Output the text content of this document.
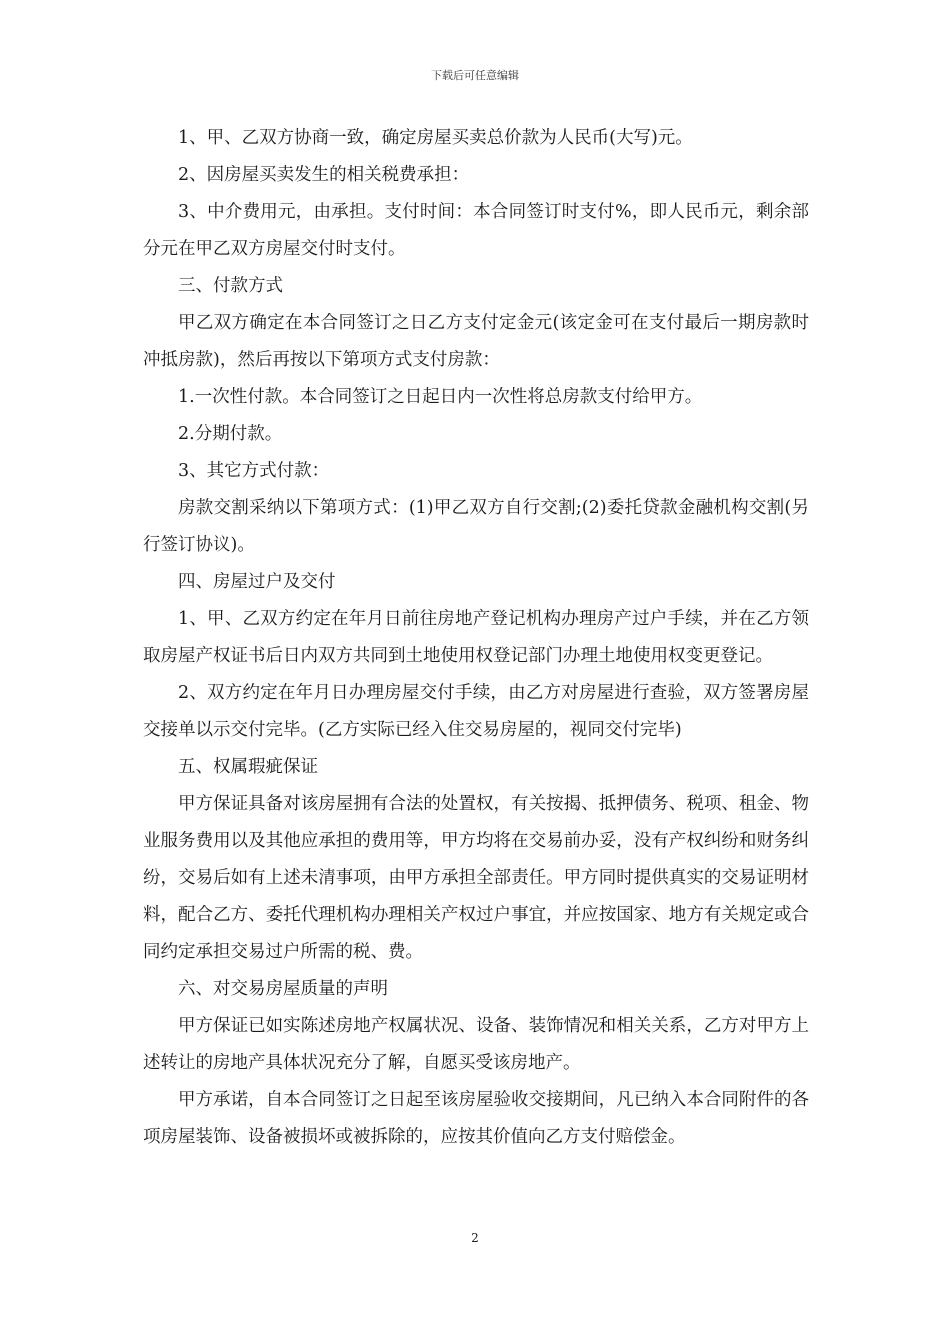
下载后可任意编辑

1、甲、乙双方协商一致，确定房屋买卖总价款为人民币(大写)元。

2、因房屋买卖发生的相关税费承担：

3、中介费用元，由承担。支付时间：本合同签订时支付%，即人民币元，剩余部分元在甲乙双方房屋交付时支付。

三、付款方式

甲乙双方确定在本合同签订之日乙方支付定金元(该定金可在支付最后一期房款时冲抵房款)，然后再按以下第项方式支付房款：

1.一次性付款。本合同签订之日起日内一次性将总房款支付给甲方。

2.分期付款。

3、其它方式付款：

房款交割采纳以下第项方式：(1)甲乙双方自行交割;(2)委托贷款金融机构交割(另行签订协议)。

四、房屋过户及交付

1、甲、乙双方约定在年月日前往房地产登记机构办理房产过户手续，并在乙方领取房屋产权证书后日内双方共同到土地使用权登记部门办理土地使用权变更登记。

2、双方约定在年月日办理房屋交付手续，由乙方对房屋进行查验，双方签署房屋交接单以示交付完毕。(乙方实际已经入住交易房屋的，视同交付完毕)

五、权属瑕疵保证

甲方保证具备对该房屋拥有合法的处置权，有关按揭、抵押债务、税项、租金、物业服务费用以及其他应承担的费用等，甲方均将在交易前办妥，没有产权纠纷和财务纠纷，交易后如有上述未清事项，由甲方承担全部责任。甲方同时提供真实的交易证明材料，配合乙方、委托代理机构办理相关产权过户事宜，并应按国家、地方有关规定或合同约定承担交易过户所需的税、费。

六、对交易房屋质量的声明

甲方保证已如实陈述房地产权属状况、设备、装饰情况和相关关系，乙方对甲方上述转让的房地产具体状况充分了解，自愿买受该房地产。

甲方承诺，自本合同签订之日起至该房屋验收交接期间，凡已纳入本合同附件的各项房屋装饰、设备被损坏或被拆除的，应按其价值向乙方支付赔偿金。

2
